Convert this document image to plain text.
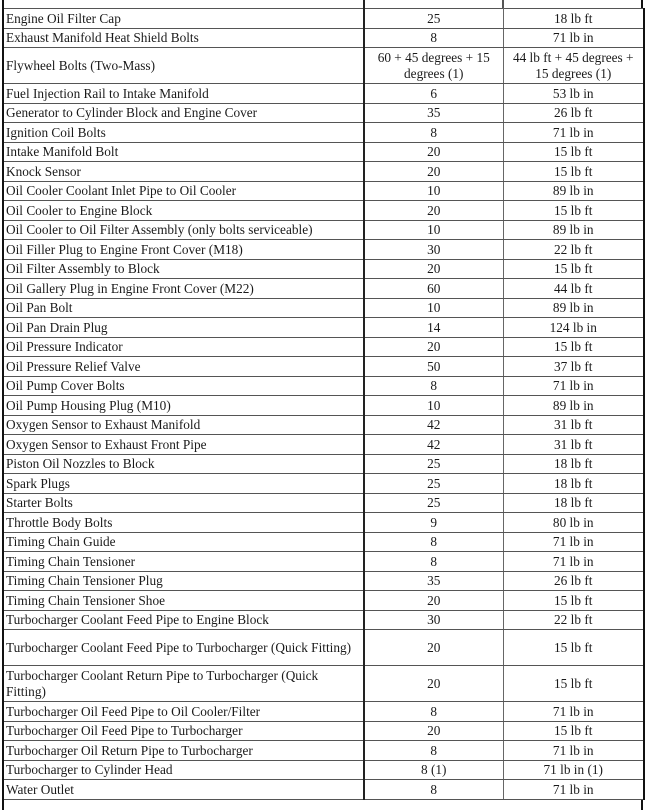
Engine Oil Filter Cap	25	18 lb ft
Exhaust Manifold Heat Shield Bolts	8	71 lb in
Flywheel Bolts (Two-Mass)	60 + 45 degrees + 15 degrees (1)	44 lb ft + 45 degrees + 15 degrees (1)
Fuel Injection Rail to Intake Manifold	6	53 lb in
Generator to Cylinder Block and Engine Cover	35	26 lb ft
Ignition Coil Bolts	8	71 lb in
Intake Manifold Bolt	20	15 lb ft
Knock Sensor	20	15 lb ft
Oil Cooler Coolant Inlet Pipe to Oil Cooler	10	89 lb in
Oil Cooler to Engine Block	20	15 lb ft
Oil Cooler to Oil Filter Assembly (only bolts serviceable)	10	89 lb in
Oil Filler Plug to Engine Front Cover (M18)	30	22 lb ft
Oil Filter Assembly to Block	20	15 lb ft
Oil Gallery Plug in Engine Front Cover (M22)	60	44 lb ft
Oil Pan Bolt	10	89 lb in
Oil Pan Drain Plug	14	124 lb in
Oil Pressure Indicator	20	15 lb ft
Oil Pressure Relief Valve	50	37 lb ft
Oil Pump Cover Bolts	8	71 lb in
Oil Pump Housing Plug (M10)	10	89 lb in
Oxygen Sensor to Exhaust Manifold	42	31 lb ft
Oxygen Sensor to Exhaust Front Pipe	42	31 lb ft
Piston Oil Nozzles to Block	25	18 lb ft
Spark Plugs	25	18 lb ft
Starter Bolts	25	18 lb ft
Throttle Body Bolts	9	80 lb in
Timing Chain Guide	8	71 lb in
Timing Chain Tensioner	8	71 lb in
Timing Chain Tensioner Plug	35	26 lb ft
Timing Chain Tensioner Shoe	20	15 lb ft
Turbocharger Coolant Feed Pipe to Engine Block	30	22 lb ft
Turbocharger Coolant Feed Pipe to Turbocharger (Quick Fitting)	20	15 lb ft
Turbocharger Coolant Return Pipe to Turbocharger (Quick Fitting)	20	15 lb ft
Turbocharger Oil Feed Pipe to Oil Cooler/Filter	8	71 lb in
Turbocharger Oil Feed Pipe to Turbocharger	20	15 lb ft
Turbocharger Oil Return Pipe to Turbocharger	8	71 lb in
Turbocharger to Cylinder Head	8 (1)	71 lb in (1)
Water Outlet	8	71 lb in
